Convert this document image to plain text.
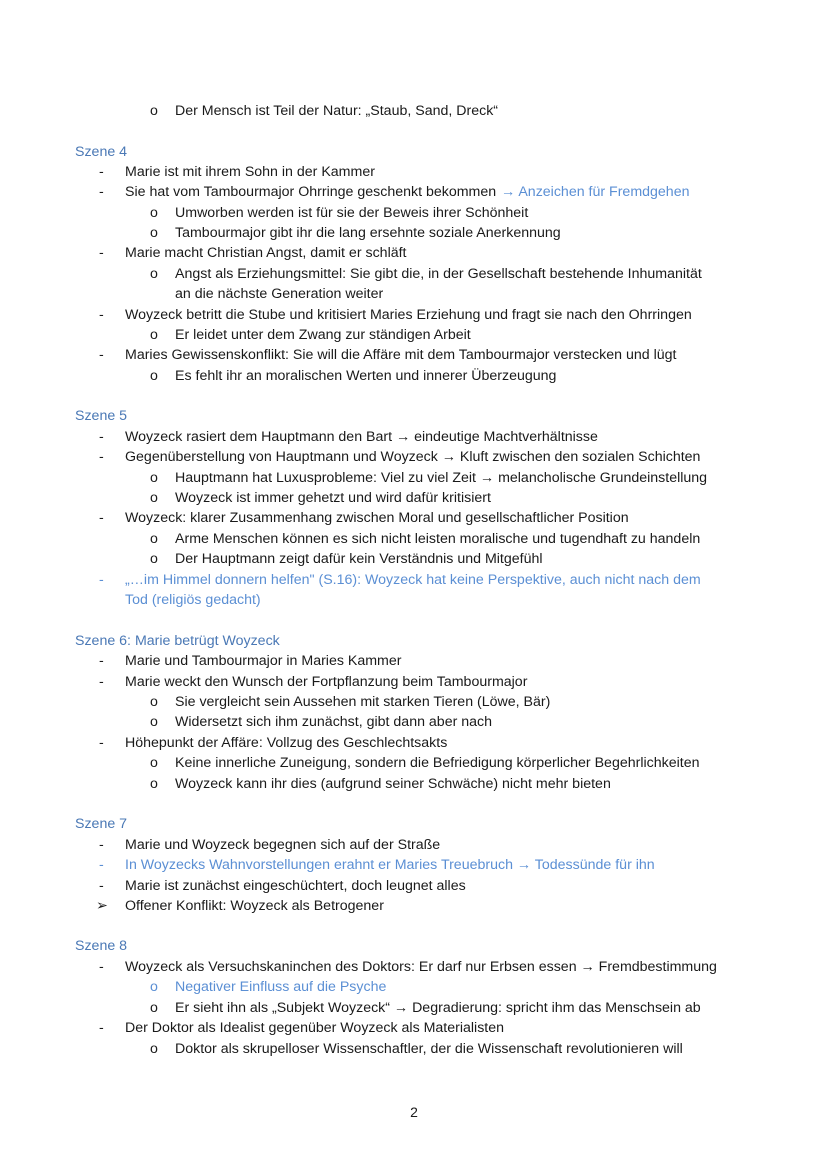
o Der Mensch ist Teil der Natur: „Staub, Sand, Dreck“
Szene 4
- Marie ist mit ihrem Sohn in der Kammer
- Sie hat vom Tambourmajor Ohrringe geschenkt bekommen → Anzeichen für Fremdgehen
o Umworben werden ist für sie der Beweis ihrer Schönheit
o Tambourmajor gibt ihr die lang ersehnte soziale Anerkennung
- Marie macht Christian Angst, damit er schläft
o Angst als Erziehungsmittel: Sie gibt die, in der Gesellschaft bestehende Inhumanität
an die nächste Generation weiter
- Woyzeck betritt die Stube und kritisiert Maries Erziehung und fragt sie nach den Ohrringen
o Er leidet unter dem Zwang zur ständigen Arbeit
- Maries Gewissenskonflikt: Sie will die Affäre mit dem Tambourmajor verstecken und lügt
o Es fehlt ihr an moralischen Werten und innerer Überzeugung
Szene 5
- Woyzeck rasiert dem Hauptmann den Bart → eindeutige Machtverhältnisse
- Gegenüberstellung von Hauptmann und Woyzeck → Kluft zwischen den sozialen Schichten
o Hauptmann hat Luxusprobleme: Viel zu viel Zeit → melancholische Grundeinstellung
o Woyzeck ist immer gehetzt und wird dafür kritisiert
- Woyzeck: klarer Zusammenhang zwischen Moral und gesellschaftlicher Position
o Arme Menschen können es sich nicht leisten moralische und tugendhaft zu handeln
o Der Hauptmann zeigt dafür kein Verständnis und Mitgefühl
- „…im Himmel donnern helfen" (S.16): Woyzeck hat keine Perspektive, auch nicht nach dem
Tod (religiös gedacht)
Szene 6: Marie betrügt Woyzeck
- Marie und Tambourmajor in Maries Kammer
- Marie weckt den Wunsch der Fortpflanzung beim Tambourmajor
o Sie vergleicht sein Aussehen mit starken Tieren (Löwe, Bär)
o Widersetzt sich ihm zunächst, gibt dann aber nach
- Höhepunkt der Affäre: Vollzug des Geschlechtsakts
o Keine innerliche Zuneigung, sondern die Befriedigung körperlicher Begehrlichkeiten
o Woyzeck kann ihr dies (aufgrund seiner Schwäche) nicht mehr bieten
Szene 7
- Marie und Woyzeck begegnen sich auf der Straße
- In Woyzecks Wahnvorstellungen erahnt er Maries Treuebruch → Todessünde für ihn
- Marie ist zunächst eingeschüchtert, doch leugnet alles
➢ Offener Konflikt: Woyzeck als Betrogener
Szene 8
- Woyzeck als Versuchskaninchen des Doktors: Er darf nur Erbsen essen → Fremdbestimmung
o Negativer Einfluss auf die Psyche
o Er sieht ihn als „Subjekt Woyzeck“ → Degradierung: spricht ihm das Menschsein ab
- Der Doktor als Idealist gegenüber Woyzeck als Materialisten
o Doktor als skrupelloser Wissenschaftler, der die Wissenschaft revolutionieren will
2
